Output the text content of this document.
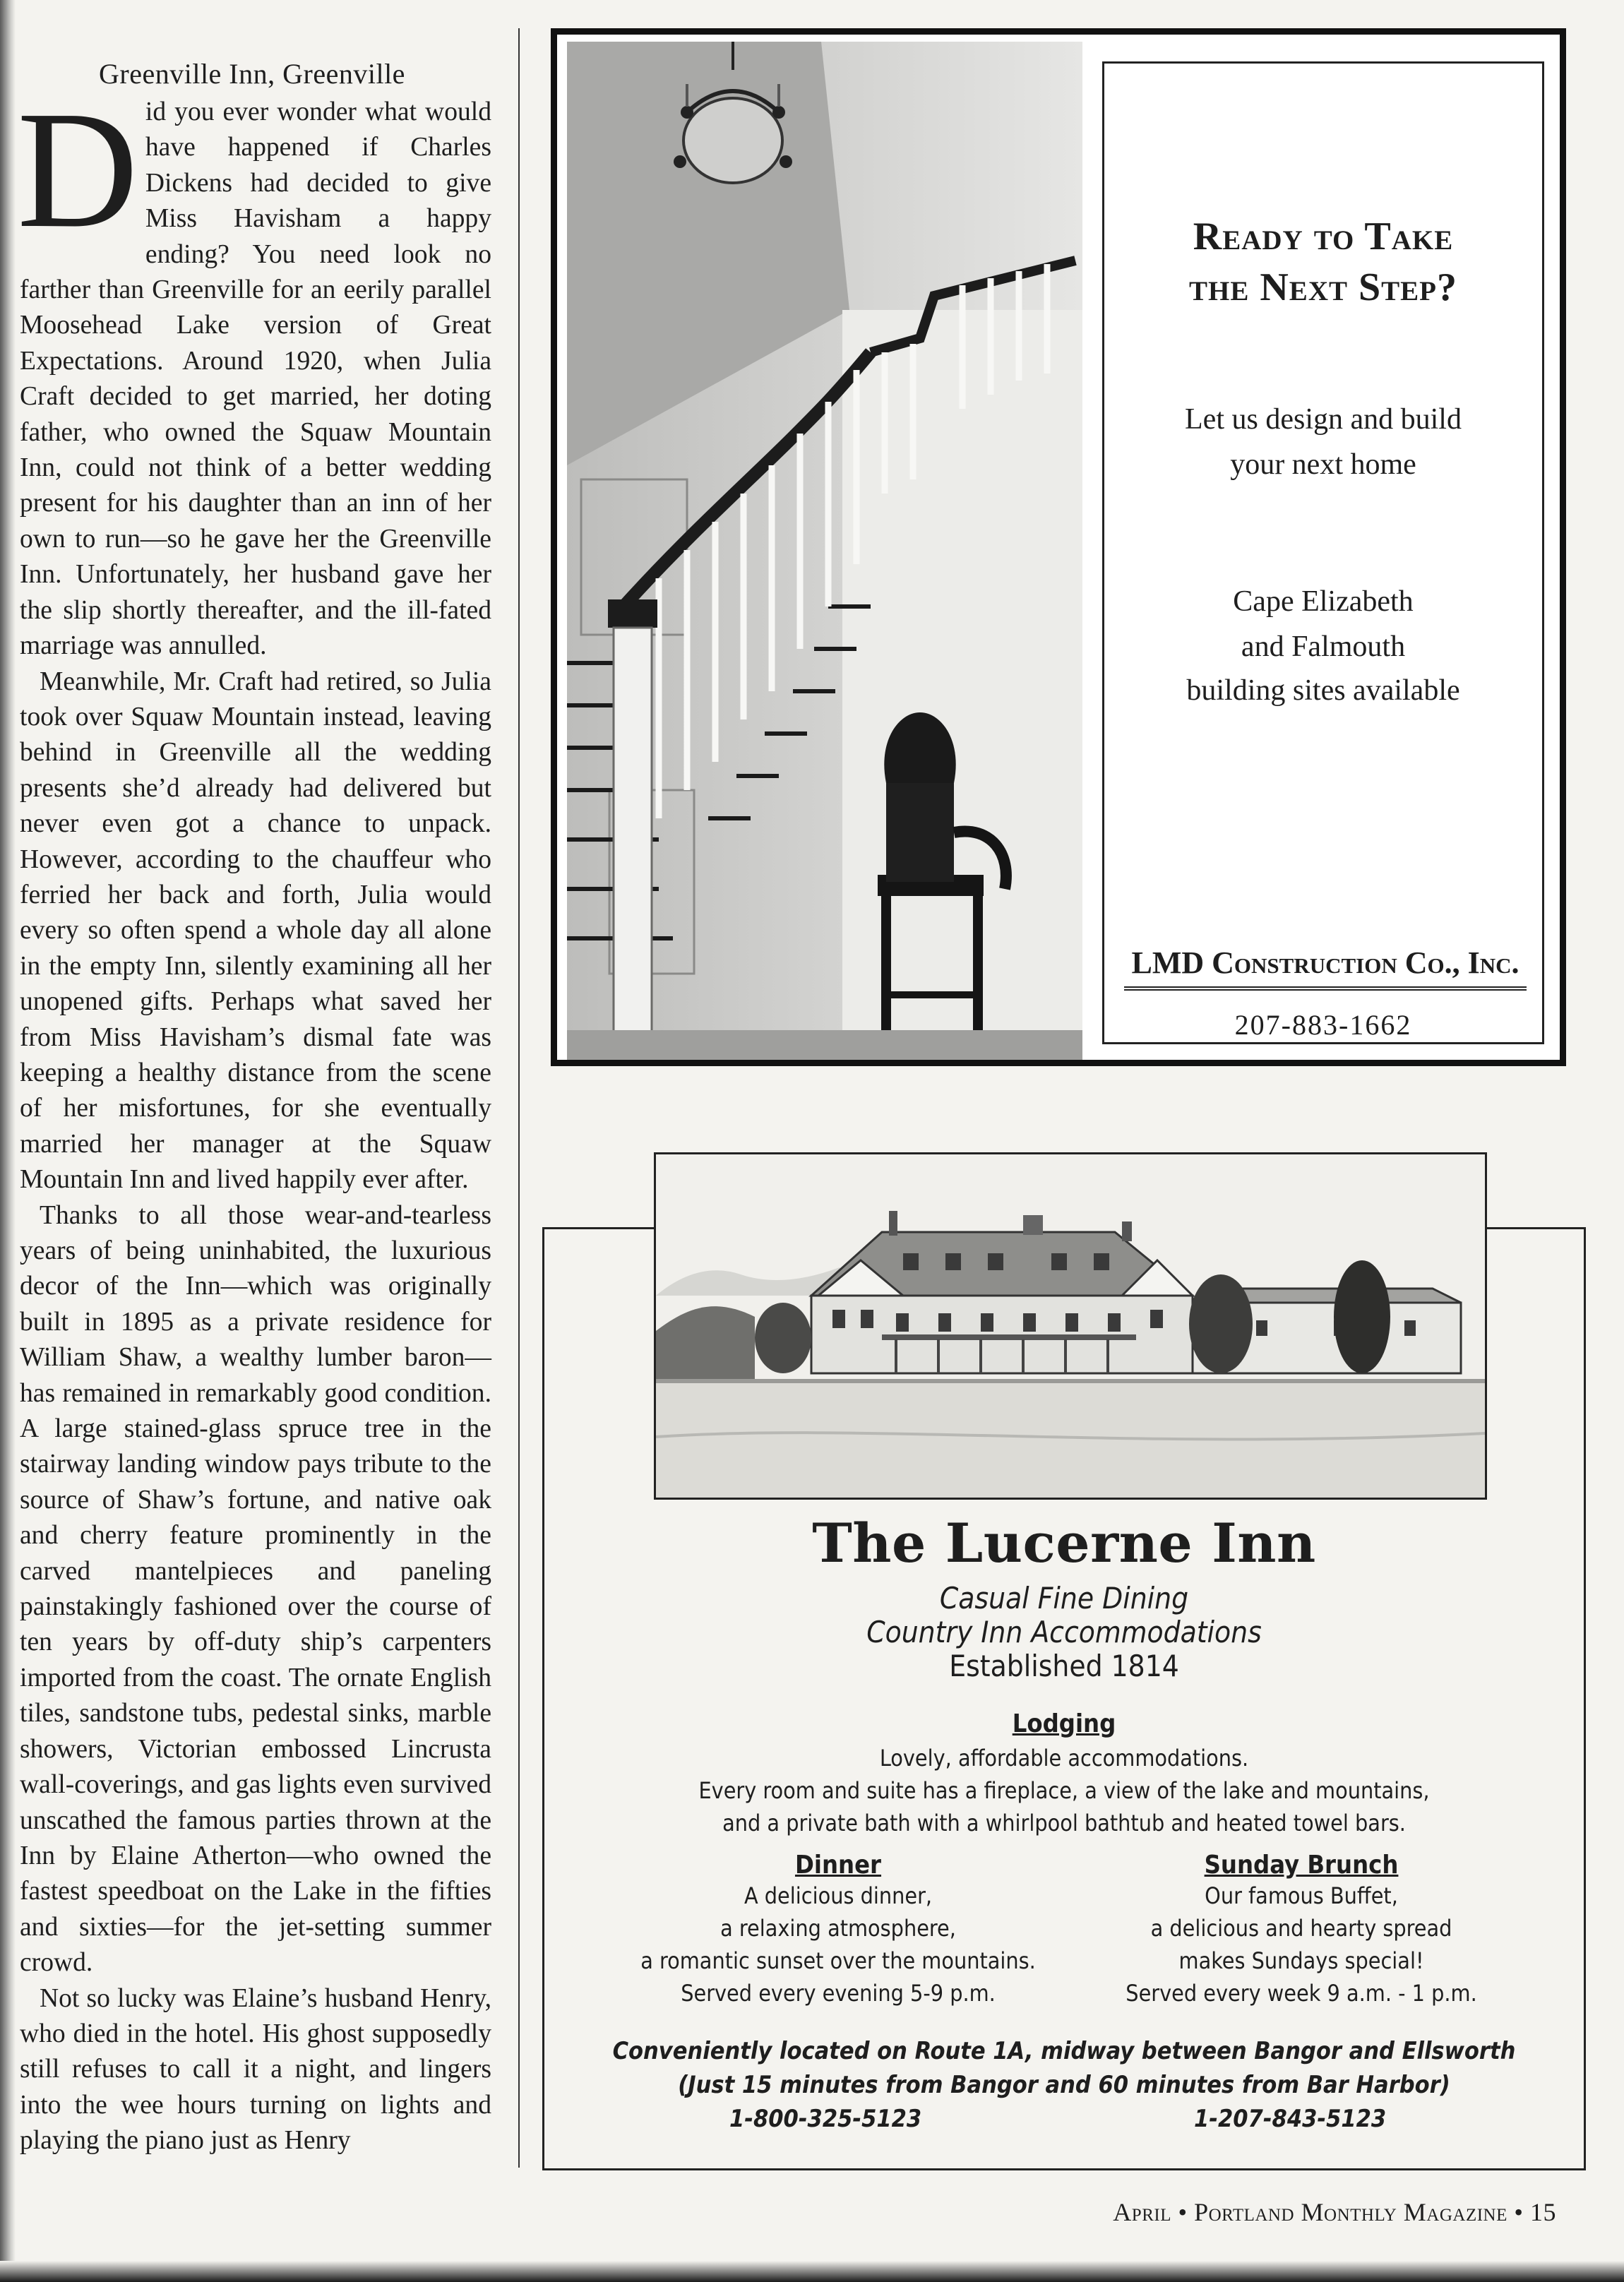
Greenville Inn, Greenville

Did you ever wonder what would have happened if Charles Dickens had decided to give Miss Havisham a happy ending? You need look no farther than Greenville for an eerily parallel Moosehead Lake version of Great Expectations. Around 1920, when Julia Craft decided to get married, her doting father, who owned the Squaw Mountain Inn, could not think of a better wedding present for his daughter than an inn of her own to run—so he gave her the Greenville Inn. Unfortunately, her husband gave her the slip shortly thereafter, and the ill-fated marriage was annulled.

Meanwhile, Mr. Craft had retired, so Julia took over Squaw Mountain instead, leaving behind in Greenville all the wedding presents she’d already had delivered but never even got a chance to unpack. However, according to the chauffeur who ferried her back and forth, Julia would every so often spend a whole day all alone in the empty Inn, silently examining all her unopened gifts. Perhaps what saved her from Miss Havisham’s dismal fate was keeping a healthy distance from the scene of her misfortunes, for she eventually married her manager at the Squaw Mountain Inn and lived happily ever after.

Thanks to all those wear-and-tearless years of being uninhabited, the luxurious decor of the Inn—which was originally built in 1895 as a private residence for William Shaw, a wealthy lumber baron—has remained in remarkably good condition. A large stained-glass spruce tree in the stairway landing window pays tribute to the source of Shaw’s fortune, and native oak and cherry feature prominently in the carved mantelpieces and paneling painstakingly fashioned over the course of ten years by off-duty ship’s carpenters imported from the coast. The ornate English tiles, sandstone tubs, pedestal sinks, marble showers, Victorian embossed Lincrusta wall-coverings, and gas lights even survived unscathed the famous parties thrown at the Inn by Elaine Atherton—who owned the fastest speedboat on the Lake in the fifties and sixties—for the jet-setting summer crowd.

Not so lucky was Elaine’s husband Henry, who died in the hotel. His ghost supposedly still refuses to call it a night, and lingers into the wee hours turning on lights and playing the piano just as Henry

Ready to Take
the Next Step?
Let us design and build
your next home
Cape Elizabeth
and Falmouth
building sites available
LMD Construction Co., Inc.
207-883-1662
The Lucerne Inn
Casual Fine Dining
Country Inn Accommodations
Established 1814
Lodging
Lovely, affordable accommodations.
Every room and suite has a fireplace, a view of the lake and mountains,
and a private bath with a whirlpool bathtub and heated towel bars.
Dinner
A delicious dinner,
a relaxing atmosphere,
a romantic sunset over the mountains.
Served every evening 5-9 p.m.
Sunday Brunch
Our famous Buffet,
a delicious and hearty spread
makes Sundays special!
Served every week 9 a.m. - 1 p.m.
Conveniently located on Route 1A, midway between Bangor and Ellsworth
(Just 15 minutes from Bangor and 60 minutes from Bar Harbor)
1-800-325-5123	1-207-843-5123
April • Portland Monthly Magazine • 15
